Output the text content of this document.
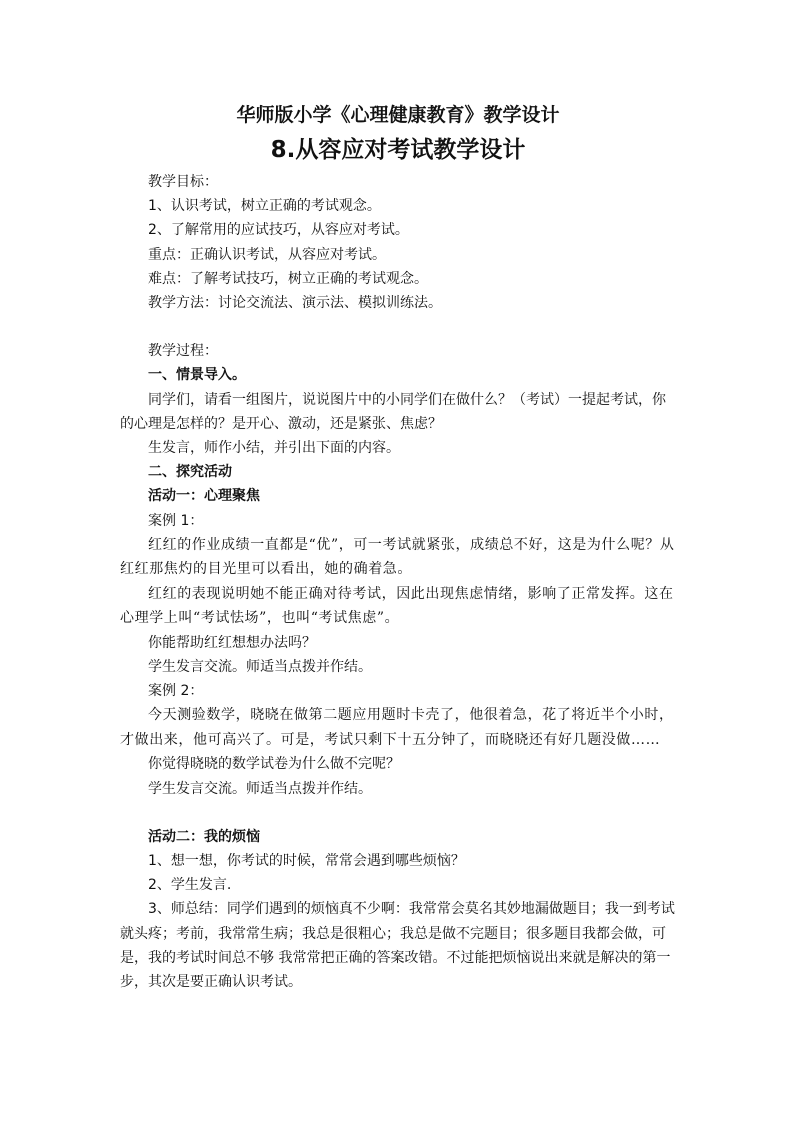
华师版小学《心理健康教育》教学设计

8.从容应对考试教学设计

教学目标：

1、认识考试，树立正确的考试观念。

2、了解常用的应试技巧，从容应对考试。

重点：正确认识考试，从容应对考试。

难点：了解考试技巧，树立正确的考试观念。

教学方法：讨论交流法、演示法、模拟训练法。

教学过程：

一、情景导入。

同学们，请看一组图片，说说图片中的小同学们在做什么？（考试）一提起考试，你的心理是怎样的？是开心、激动，还是紧张、焦虑？

生发言，师作小结，并引出下面的内容。

二、探究活动

活动一：心理聚焦

案例 1：

红红的作业成绩一直都是“优”，可一考试就紧张，成绩总不好，这是为什么呢？从红红那焦灼的目光里可以看出，她的确着急。

红红的表现说明她不能正确对待考试，因此出现焦虑情绪，影响了正常发挥。这在心理学上叫“考试怯场”，也叫“考试焦虑”。

你能帮助红红想想办法吗？

学生发言交流。师适当点拨并作结。

案例 2：

今天测验数学，晓晓在做第二题应用题时卡壳了，他很着急，花了将近半个小时，才做出来，他可高兴了。可是，考试只剩下十五分钟了，而晓晓还有好几题没做……

你觉得晓晓的数学试卷为什么做不完呢？

学生发言交流。师适当点拨并作结。

活动二：我的烦恼

1、想一想，你考试的时候，常常会遇到哪些烦恼？

2、学生发言.

3、师总结：同学们遇到的烦恼真不少啊：我常常会莫名其妙地漏做题目；我一到考试就头疼；考前，我常常生病；我总是很粗心；我总是做不完题目；很多题目我都会做，可是，我的考试时间总不够 我常常把正确的答案改错。不过能把烦恼说出来就是解决的第一步，其次是要正确认识考试。
